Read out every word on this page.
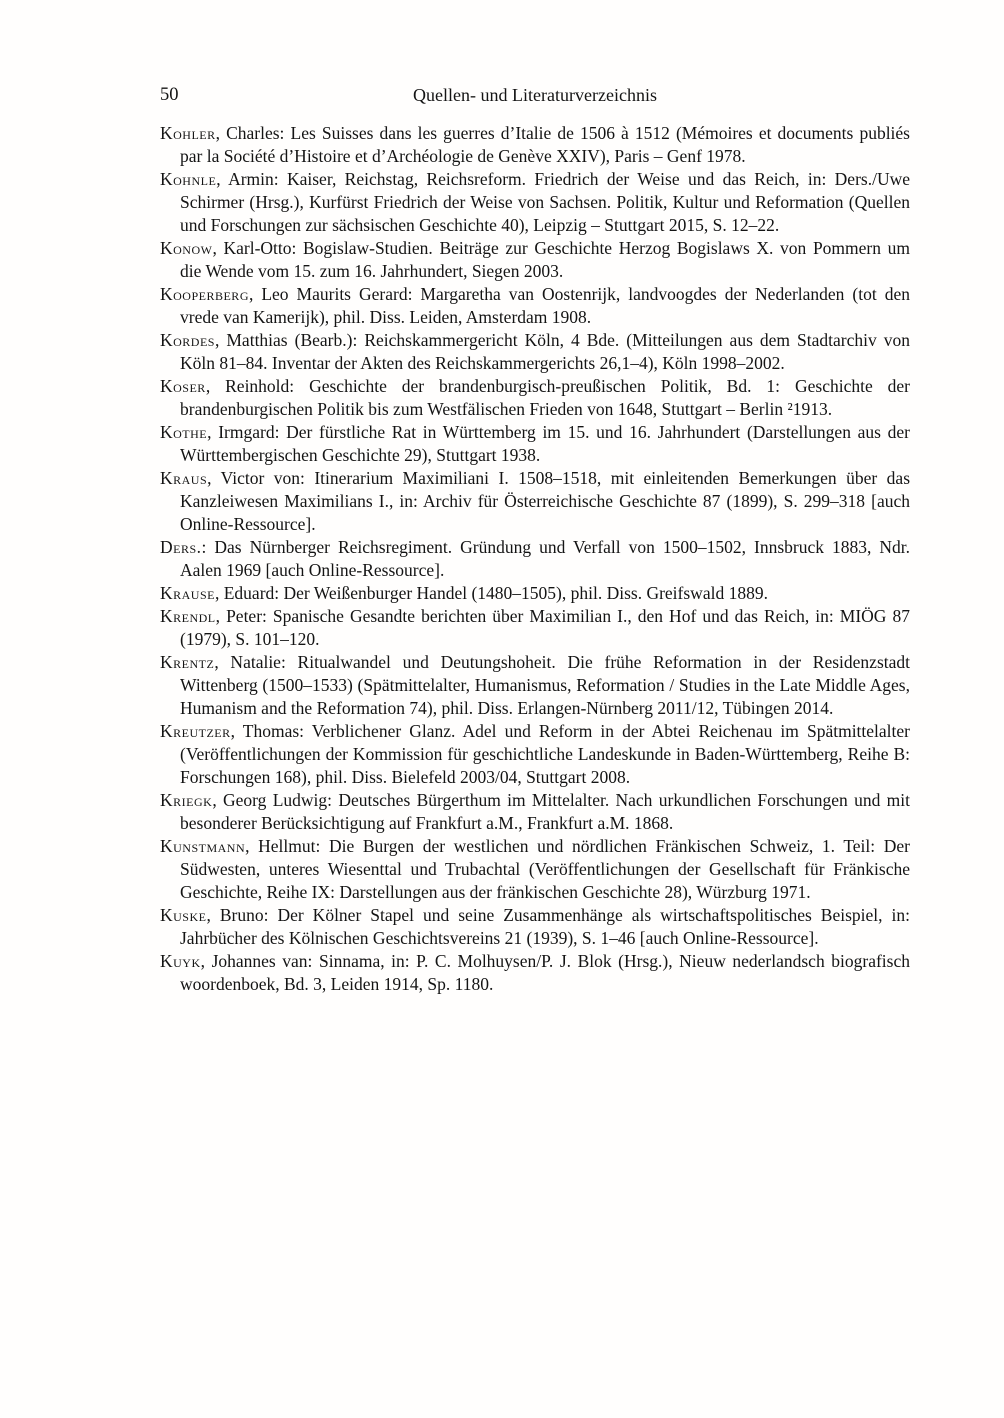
50	Quellen- und Literaturverzeichnis

Kohler, Charles: Les Suisses dans les guerres d’Italie de 1506 à 1512 (Mémoires et documents publiés par la Société d’Histoire et d’Archéologie de Genève XXIV), Paris – Genf 1978.

Kohnle, Armin: Kaiser, Reichstag, Reichsreform. Friedrich der Weise und das Reich, in: Ders./Uwe Schirmer (Hrsg.), Kurfürst Friedrich der Weise von Sachsen. Politik, Kultur und Reformation (Quellen und Forschungen zur sächsischen Geschichte 40), Leipzig – Stuttgart 2015, S. 12–22.

Konow, Karl-Otto: Bogislaw-Studien. Beiträge zur Geschichte Herzog Bogislaws X. von Pommern um die Wende vom 15. zum 16. Jahrhundert, Siegen 2003.

Kooperberg, Leo Maurits Gerard: Margaretha van Oostenrijk, landvoogdes der Nederlanden (tot den vrede van Kamerijk), phil. Diss. Leiden, Amsterdam 1908.

Kordes, Matthias (Bearb.): Reichskammergericht Köln, 4 Bde. (Mitteilungen aus dem Stadtarchiv von Köln 81–84. Inventar der Akten des Reichskammergerichts 26,1–4), Köln 1998–2002.

Koser, Reinhold: Geschichte der brandenburgisch-preußischen Politik, Bd. 1: Geschichte der brandenburgischen Politik bis zum Westfälischen Frieden von 1648, Stuttgart – Berlin ²1913.

Kothe, Irmgard: Der fürstliche Rat in Württemberg im 15. und 16. Jahrhundert (Darstellungen aus der Württembergischen Geschichte 29), Stuttgart 1938.

Kraus, Victor von: Itinerarium Maximiliani I. 1508–1518, mit einleitenden Bemerkungen über das Kanzleiwesen Maximilians I., in: Archiv für Österreichische Geschichte 87 (1899), S. 299–318 [auch Online-Ressource].

Ders.: Das Nürnberger Reichsregiment. Gründung und Verfall von 1500–1502, Innsbruck 1883, Ndr. Aalen 1969 [auch Online-Ressource].

Krause, Eduard: Der Weißenburger Handel (1480–1505), phil. Diss. Greifswald 1889.

Krendl, Peter: Spanische Gesandte berichten über Maximilian I., den Hof und das Reich, in: MIÖG 87 (1979), S. 101–120.

Krentz, Natalie: Ritualwandel und Deutungshoheit. Die frühe Reformation in der Residenzstadt Wittenberg (1500–1533) (Spätmittelalter, Humanismus, Reformation / Studies in the Late Middle Ages, Humanism and the Reformation 74), phil. Diss. Erlangen-Nürnberg 2011/12, Tübingen 2014.

Kreutzer, Thomas: Verblichener Glanz. Adel und Reform in der Abtei Reichenau im Spätmittelalter (Veröffentlichungen der Kommission für geschichtliche Landeskunde in Baden-Württemberg, Reihe B: Forschungen 168), phil. Diss. Bielefeld 2003/04, Stuttgart 2008.

Kriegk, Georg Ludwig: Deutsches Bürgerthum im Mittelalter. Nach urkundlichen Forschungen und mit besonderer Berücksichtigung auf Frankfurt a.M., Frankfurt a.M. 1868.

Kunstmann, Hellmut: Die Burgen der westlichen und nördlichen Fränkischen Schweiz, 1. Teil: Der Südwesten, unteres Wiesenttal und Trubachtal (Veröffentlichungen der Gesellschaft für Fränkische Geschichte, Reihe IX: Darstellungen aus der fränkischen Geschichte 28), Würzburg 1971.

Kuske, Bruno: Der Kölner Stapel und seine Zusammenhänge als wirtschaftspolitisches Beispiel, in: Jahrbücher des Kölnischen Geschichtsvereins 21 (1939), S. 1–46 [auch Online-Ressource].

Kuyk, Johannes van: Sinnama, in: P. C. Molhuysen/P. J. Blok (Hrsg.), Nieuw nederlandsch biografisch woordenboek, Bd. 3, Leiden 1914, Sp. 1180.
